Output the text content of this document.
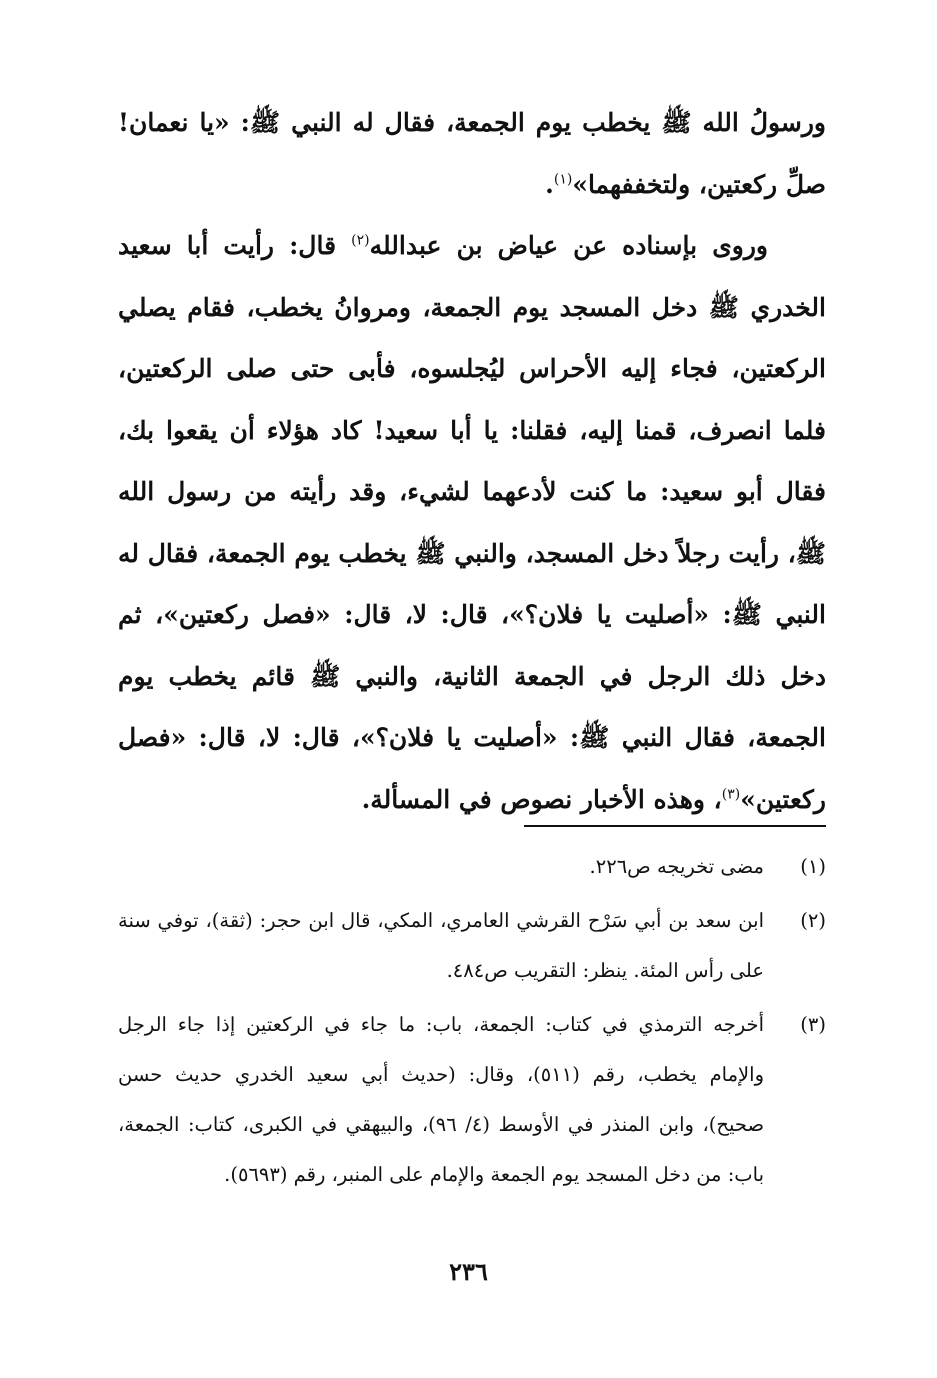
ورسولُ الله ﷺ يخطب يوم الجمعة، فقال له النبي ﷺ: «يا نعمان! صلِّ ركعتين، ولتخففهما»$^{(١)}$.

وروى بإسناده عن عياض بن عبدالله$^{(٢)}$ قال: رأيت أبا سعيد الخدري ﷺ دخل المسجد يوم الجمعة، ومروانُ يخطب، فقام يصلي الركعتين، فجاء إليه الأحراس ليُجلسوه، فأبى حتى صلى الركعتين، فلما انصرف، قمنا إليه، فقلنا: يا أبا سعيد! كاد هؤلاء أن يقعوا بك، فقال أبو سعيد: ما كنت لأدعهما لشيء، وقد رأيته من رسول الله ﷺ، رأيت رجلاً دخل المسجد، والنبي ﷺ يخطب يوم الجمعة، فقال له النبي ﷺ: «أصليت يا فلان؟»، قال: لا، قال: «فصل ركعتين»، ثم دخل ذلك الرجل في الجمعة الثانية، والنبي ﷺ قائم يخطب يوم الجمعة، فقال النبي ﷺ: «أصليت يا فلان؟»، قال: لا، قال: «فصل ركعتين»$^{(٣)}$، وهذه الأخبار نصوص في المسألة.

(١)
مضى تخريجه ص٢٢٦.
(٢)
ابن سعد بن أبي سَرْح القرشي العامري، المكي، قال ابن حجر: (ثقة)، توفي سنة على رأس المئة. ينظر: التقريب ص٤٨٤.
(٣)
أخرجه الترمذي في كتاب: الجمعة، باب: ما جاء في الركعتين إذا جاء الرجل والإمام يخطب، رقم (٥١١)، وقال: (حديث أبي سعيد الخدري حديث حسن صحيح)، وابن المنذر في الأوسط (٤/ ٩٦)، والبيهقي في الكبرى، كتاب: الجمعة، باب: من دخل المسجد يوم الجمعة والإمام على المنبر، رقم (٥٦٩٣).
٢٣٦
